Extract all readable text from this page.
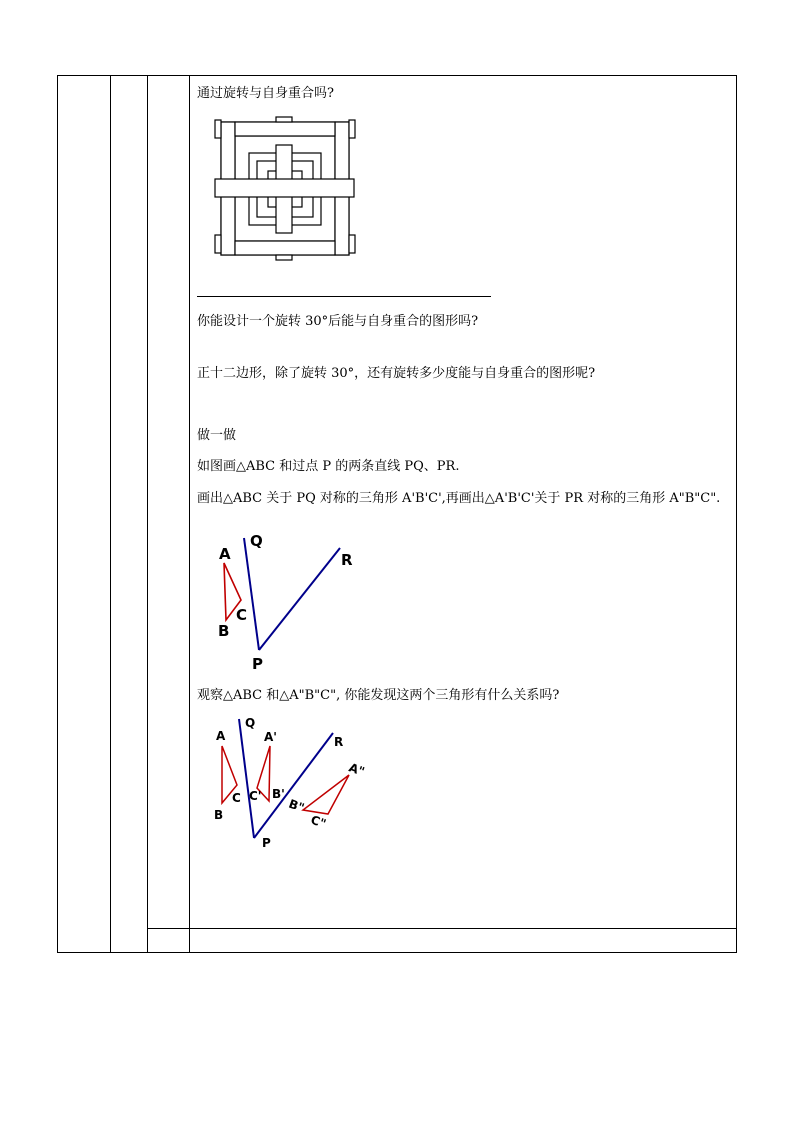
通过旋转与自身重合吗?
你能设计一个旋转 30°后能与自身重合的图形吗?
正十二边形，除了旋转 30°，还有旋转多少度能与自身重合的图形呢?
做一做
如图画△ABC 和过点 P 的两条直线 PQ、PR.
画出△ABC 关于 PQ 对称的三角形 A'B'C',再画出△A'B'C'关于 PR 对称的三角形 A"B"C".
A
Q
R
C
B
P
观察△ABC 和△A"B"C", 你能发现这两个三角形有什么关系吗?
A
Q
A'	R
A"
C C' B'
B"
C"
B
P
